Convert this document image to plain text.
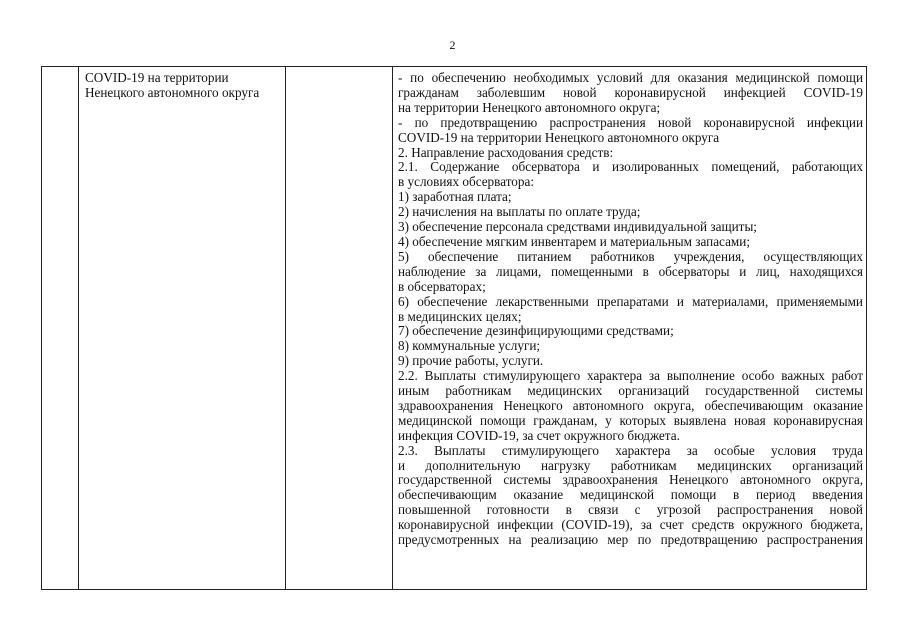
2
COVID-19 на территории
Ненецкого автономного округа
- по обеспечению необходимых условий для оказания медицинской помощи
гражданам заболевшим новой коронавирусной инфекцией COVID-19
на территории Ненецкого автономного округа;
- по предотвращению распространения новой коронавирусной инфекции
COVID-19 на территории Ненецкого автономного округа
2. Направление расходования средств:
2.1. Содержание обсерватора и изолированных помещений, работающих
в условиях обсерватора:
1) заработная плата;
2) начисления на выплаты по оплате труда;
3) обеспечение персонала средствами индивидуальной защиты;
4) обеспечение мягким инвентарем и материальным запасами;
5) обеспечение питанием работников учреждения, осуществляющих
наблюдение за лицами, помещенными в обсерваторы и лиц, находящихся
в обсерваторах;
6) обеспечение лекарственными препаратами и материалами, применяемыми
в медицинских целях;
7) обеспечение дезинфицирующими средствами;
8) коммунальные услуги;
9) прочие работы, услуги.
2.2. Выплаты стимулирующего характера за выполнение особо важных работ
иным работникам медицинских организаций государственной системы
здравоохранения Ненецкого автономного округа, обеспечивающим оказание
медицинской помощи гражданам, у которых выявлена новая коронавирусная
инфекция COVID-19, за счет окружного бюджета.
2.3. Выплаты стимулирующего характера за особые условия труда
и дополнительную нагрузку работникам медицинских организаций
государственной системы здравоохранения Ненецкого автономного округа,
обеспечивающим оказание медицинской помощи в период введения
повышенной готовности в связи с угрозой распространения новой
коронавирусной инфекции (COVID-19), за счет средств окружного бюджета,
предусмотренных на реализацию мер по предотвращению распространения
